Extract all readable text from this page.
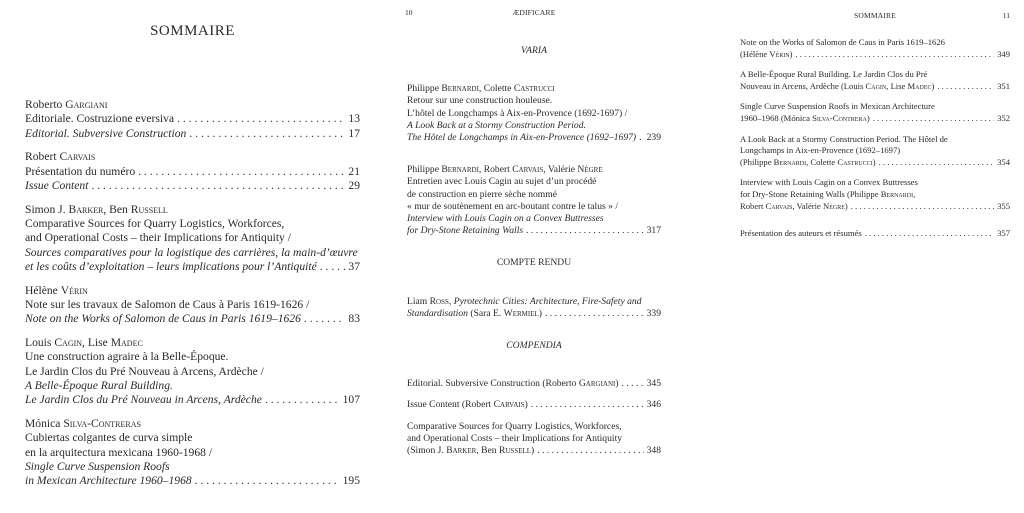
SOMMAIRE
Roberto Gargiani
Editoriale. Costruzione eversiva . . .	13
Editorial. Subversive Construction . . .	17
Robert Carvais
Présentation du numéro . . .	21
Issue Content . . .	29
Simon J. Barker, Ben Russell
Comparative Sources for Quarry Logistics, Workforces,
and Operational Costs – their Implications for Antiquity /
Sources comparatives pour la logistique des carrières, la main-d’œuvre
et les coûts d’exploitation – leurs implications pour l’Antiquité . . .	37
Hélène Vérin
Note sur les travaux de Salomon de Caus à Paris 1619-1626 /
Note on the Works of Salomon de Caus in Paris 1619–1626 . . .	83
Louis Cagin, Lise Madec
Une construction agraire à la Belle-Époque.
Le Jardin Clos du Pré Nouveau à Arcens, Ardèche /
A Belle-Époque Rural Building.
Le Jardin Clos du Pré Nouveau in Arcens, Ardèche . . .	107
Mónica Silva-Contreras
Cubiertas colgantes de curva simple
en la arquitectura mexicana 1960-1968 /
Single Curve Suspension Roofs
in Mexican Architecture 1960–1968 . . .	195
10	ÆDIFICARE
VARIA
Philippe Bernardi, Colette Castrucci
Retour sur une construction houleuse.
L’hôtel de Longchamps à Aix-en-Provence (1692-1697) /
A Look Back at a Stormy Construction Period.
The Hôtel de Longchamps in Aix-en-Provence (1692–1697) . . . 239
Philippe Bernardi, Robert Carvais, Valérie Nègre
Entretien avec Louis Cagin au sujet d’un procédé
de construction en pierre sèche nommé
« mur de soutènement en arc-boutant contre le talus » /
Interview with Louis Cagin on a Convex Buttresses
for Dry-Stone Retaining Walls . . .	317
COMPTE RENDU
Liam Ross, Pyrotechnic Cities: Architecture, Fire-Safety and
Standardisation (Sara E. Wermiel) . . .	339
COMPENDIA
Editorial. Subversive Construction (Roberto Gargiani) . . .	345
Issue Content (Robert Carvais) . . .	346
Comparative Sources for Quarry Logistics, Workforces,
and Operational Costs – their Implications for Antiquity
(Simon J. Barker, Ben Russell) . . .	348
SOMMAIRE	11
Note on the Works of Salomon de Caus in Paris 1619–1626
(Hélène Vérin) . . .	349
A Belle-Époque Rural Building. Le Jardin Clos du Pré
Nouveau in Arcens, Ardèche (Louis Cagin, Lise Madec) . . .	351
Single Curve Suspension Roofs in Mexican Architecture
1960–1968 (Mónica Silva-Contrera) . . .	352
A Look Back at a Stormy Construction Period. The Hôtel de
Longchamps in Aix-en-Provence (1692–1697)
(Philippe Bernardi, Colette Castrucci) . . .	354
Interview with Louis Cagin on a Convex Buttresses
for Dry-Stone Retaining Walls (Philippe Bernardi,
Robert Carvais, Valérie Nègre) . . .	355
Présentation des auteurs et résumés . . .	357
